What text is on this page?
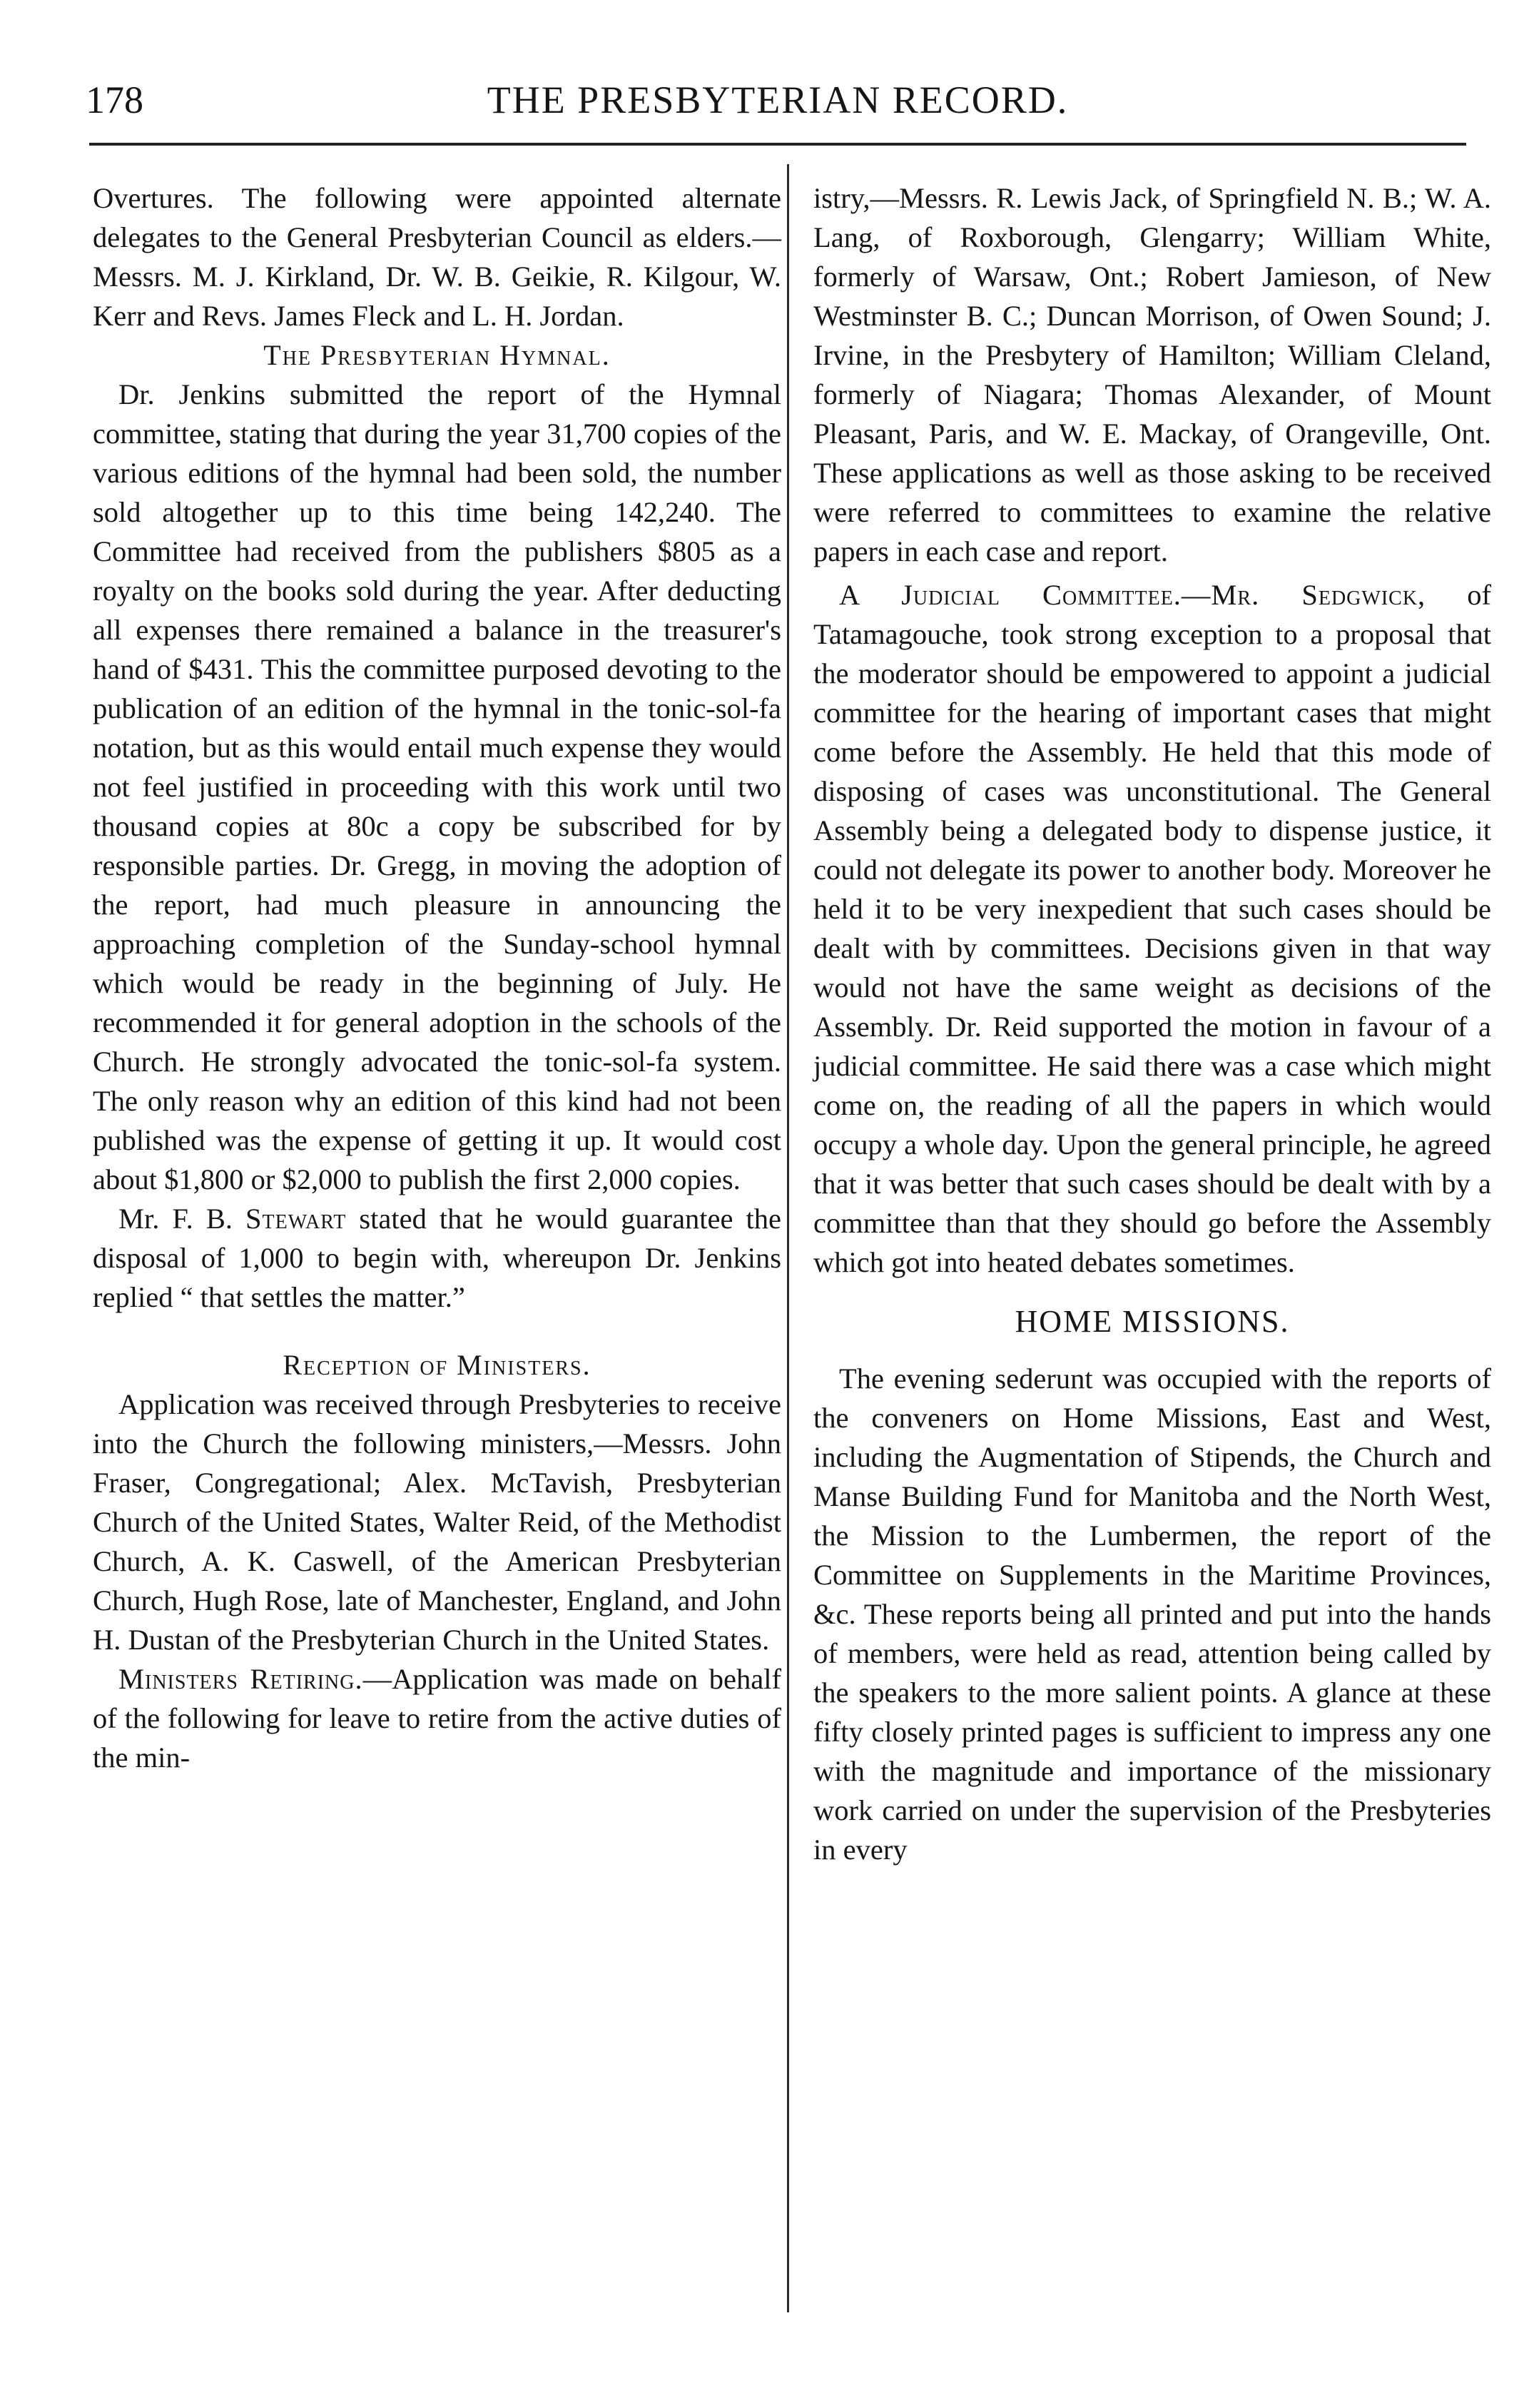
178	THE PRESBYTERIAN RECORD.

Overtures. The following were appointed alternate delegates to the General Presbyterian Council as elders.—Messrs. M. J. Kirkland, Dr. W. B. Geikie, R. Kilgour, W. Kerr and Revs. James Fleck and L. H. Jordan.

The Presbyterian Hymnal.

Dr. Jenkins submitted the report of the Hymnal committee, stating that during the year 31,700 copies of the various editions of the hymnal had been sold, the number sold altogether up to this time being 142,240. The Committee had received from the publishers $805 as a royalty on the books sold during the year. After deducting all expenses there remained a balance in the treasurer's hand of $431. This the committee purposed devoting to the publication of an edition of the hymnal in the tonic-sol-fa notation, but as this would entail much expense they would not feel justified in proceeding with this work until two thousand copies at 80c a copy be subscribed for by responsible parties. Dr. Gregg, in moving the adoption of the report, had much pleasure in announcing the approaching completion of the Sunday-school hymnal which would be ready in the beginning of July. He recommended it for general adoption in the schools of the Church. He strongly advocated the tonic-sol-fa system. The only reason why an edition of this kind had not been published was the expense of getting it up. It would cost about $1,800 or $2,000 to publish the first 2,000 copies.

Mr. F. B. Stewart stated that he would guarantee the disposal of 1,000 to begin with, whereupon Dr. Jenkins replied “ that settles the matter.”

Reception of Ministers.

Application was received through Presbyteries to receive into the Church the following ministers,—Messrs. John Fraser, Congregational; Alex. McTavish, Presbyterian Church of the United States, Walter Reid, of the Methodist Church, A. K. Caswell, of the American Presbyterian Church, Hugh Rose, late of Manchester, England, and John H. Dustan of the Presbyterian Church in the United States.

Ministers Retiring.—Application was made on behalf of the following for leave to retire from the active duties of the min-

istry,—Messrs. R. Lewis Jack, of Springfield N. B.; W. A. Lang, of Roxborough, Glengarry; William White, formerly of Warsaw, Ont.; Robert Jamieson, of New Westminster B. C.; Duncan Morrison, of Owen Sound; J. Irvine, in the Presbytery of Hamilton; William Cleland, formerly of Niagara; Thomas Alexander, of Mount Pleasant, Paris, and W. E. Mackay, of Orangeville, Ont. These applications as well as those asking to be received were referred to committees to examine the relative papers in each case and report.

A Judicial Committee.—Mr. Sedgwick, of Tatamagouche, took strong exception to a proposal that the moderator should be empowered to appoint a judicial committee for the hearing of important cases that might come before the Assembly. He held that this mode of disposing of cases was unconstitutional. The General Assembly being a delegated body to dispense justice, it could not delegate its power to another body. Moreover he held it to be very inexpedient that such cases should be dealt with by committees. Decisions given in that way would not have the same weight as decisions of the Assembly. Dr. Reid supported the motion in favour of a judicial committee. He said there was a case which might come on, the reading of all the papers in which would occupy a whole day. Upon the general principle, he agreed that it was better that such cases should be dealt with by a committee than that they should go before the Assembly which got into heated debates sometimes.

HOME MISSIONS.

The evening sederunt was occupied with the reports of the conveners on Home Missions, East and West, including the Augmentation of Stipends, the Church and Manse Building Fund for Manitoba and the North West, the Mission to the Lumbermen, the report of the Committee on Supplements in the Maritime Provinces, &c. These reports being all printed and put into the hands of members, were held as read, attention being called by the speakers to the more salient points. A glance at these fifty closely printed pages is sufficient to impress any one with the magnitude and importance of the missionary work carried on under the supervision of the Presbyteries in every
